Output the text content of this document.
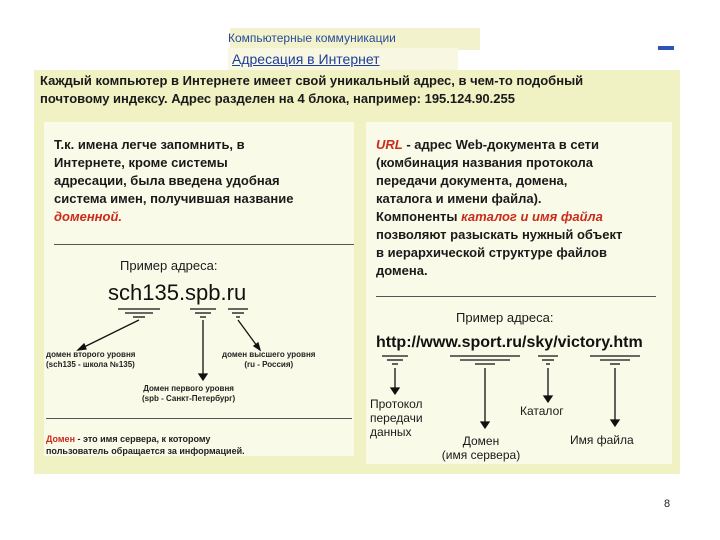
Компьютерные коммуникации
Адресация в Интернет
Каждый компьютер в Интернете имеет свой уникальный адрес, в чем-то подобный
почтовому индексу. Адрес разделен на 4 блока, например: 195.124.90.255
Т.к. имена легче запомнить, в
Интернете, кроме системы
адресации, была введена удобная
система имен, получившая название
доменной.
Пример адреса:
sch135.spb.ru
домен второго уровня
(sch135 - школа №135)
домен высшего уровня
(ru - Россия)
Домен первого уровня
(spb - Санкт-Петербург)
Домен - это имя сервера, к которому
пользователь обращается за информацией.
URL - адрес Web-документа в сети
(комбинация названия протокола
передачи документа, домена,
каталога и имени файла).
Компоненты каталог и имя файла
позволяют разыскать нужный объект
в иерархической структуре файлов
домена.
Пример адреса:
http://www.sport.ru/sky/victory.htm
Протокол
передачи
данных
Домен
(имя сервера)
Каталог
Имя файла
8
